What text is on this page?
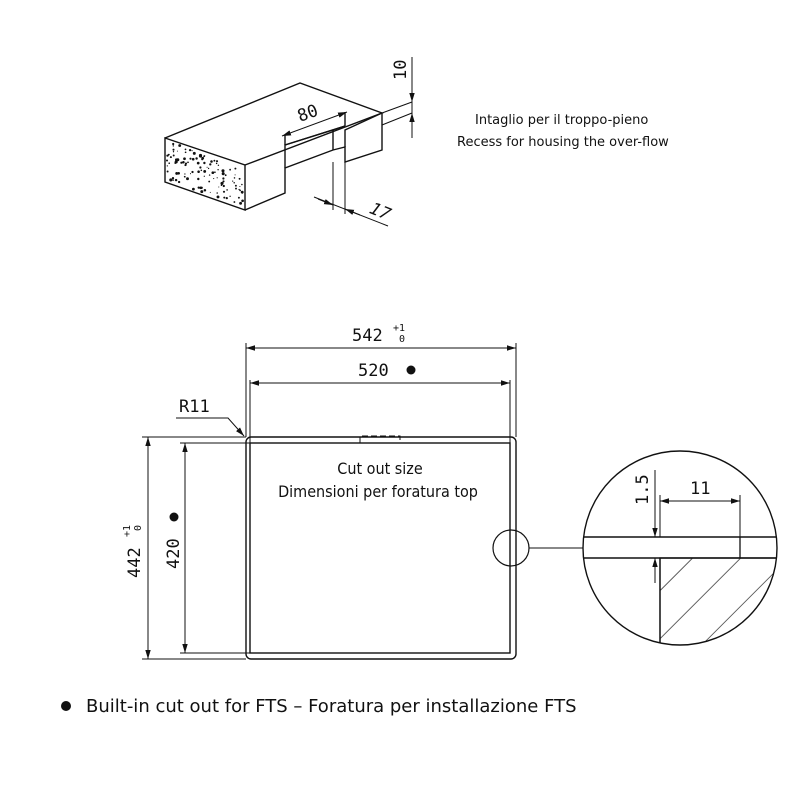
80
10
17
Intaglio per il troppo-pieno
Recess for housing the over-flow
542 +1
0
520
442
+1 0
420
R11
Cut out size
Dimensioni per foratura top	1.5 11
Built-in cut out for FTS – Foratura per installazione FTS
